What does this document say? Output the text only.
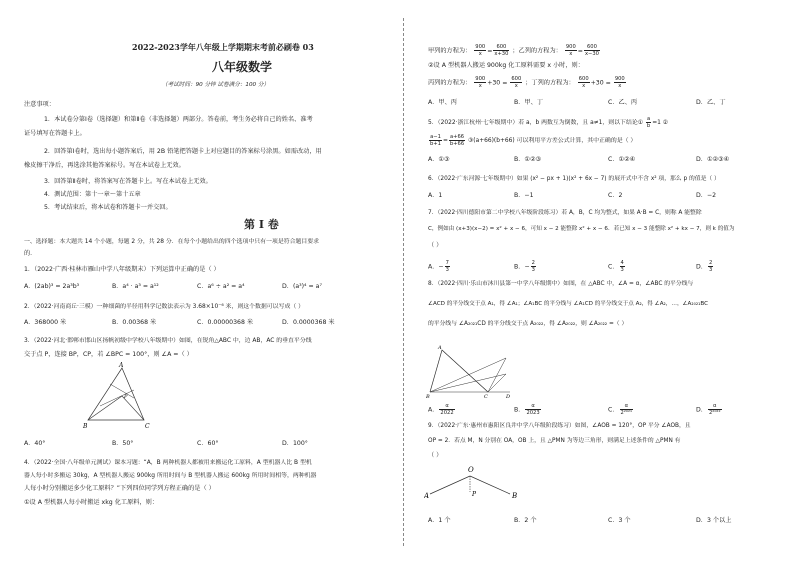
2022-2023学年八年级上学期期末考前必刷卷 03
八年级数学
（考试时间：90 分钟 试卷满分：100 分）
注意事项：
1．本试卷分第Ⅰ卷（选择题）和第Ⅱ卷（非选择题）两部分。答卷前，考生务必将自己的姓名、准考
证号填写在答题卡上。
2．回答第Ⅰ卷时，选出每小题答案后，用 2B 铅笔把答题卡上对应题目的答案标号涂黑。如需改动，用
橡皮擦干净后，再选涂其他答案标号。写在本试卷上无效。
3．回答第Ⅱ卷时，将答案写在答题卡上。写在本试卷上无效。
4．测试范围：第十一章～第十五章
5．考试结束后，将本试卷和答题卡一并交回。
第 Ⅰ 卷
一、选择题：本大题共 14 个小题，每题 2 分，共 28 分．在每个小题给出的四个选项中只有一项是符合题目要求
的．
1．（2022·广西·桂林市雁山中学八年级期末）下列运算中正确的是（ ）
A．(2ab)³ = 2a³b³	B．a⁴ · a³ = a¹²	C．a⁶ ÷ a² = a⁴	D．(a³)⁴ = a⁷
2．（2022·河南商丘·三模）一种细菌的半径用科学记数法表示为 3.68×10⁻⁶ 米，则这个数据可以写成（ ）
A．368000 米	B．0.00368 米	C．0.00000368 米	D．0.0000368 米
3．（2022·河北·邯郸市邯山区扬帆初级中学校八年级期中）如图，在锐角△ABC 中，边 AB，AC 的垂直平分线
交于点 P，连接 BP，CP，若 ∠BPC = 100°，则 ∠A =（ ）
A
P
B	C
A．40°	B．50°	C．60°	D．100°
4．（2022·全国·八年级单元测试）课本习题：“A，B 两种机器人都被用来搬运化工原料，A 型机器人比 B 型机
器人每小时多搬运 30kg，A 型机器人搬运 900kg 所用时间与 B 型机器人搬运 600kg 所用时间相等，两种机器
人每小时分别搬运多少化工原料？”下列四位同学列方程正确的是（ ）
①设 A 型机器人每小时搬运 xkg 化工原料，则：
甲列的方程为： $\frac{900}{x} = \frac{600}{x+30}$ ；乙列的方程为： $\frac{900}{x} = \frac{600}{x-30}$
②设 A 型机器人搬运 900kg 化工原料需要 x 小时，则：
丙列的方程为： $\frac{900}{x} +30 = \frac{600}{x}$ ；丁列的方程为： $\frac{600}{x} +30 = \frac{900}{x}$
A．甲、丙	B．甲、丁	C．乙、丙	D．乙、丁
5．（2022·浙江杭州·七年级期中）若 a，b 两数互为倒数，且 a≠1，则以下结论① $\frac{a}{b} =1$ ②
$\frac{a-1}{b+1} = \frac{a+66}{b+66}$ ③(a+66)(b+66) 可以利用平方差公式计算，其中正确的是（ ）
A．①③	B．①②③	C．①②④	D．①②③④
6．（2022·广东河源·七年级期中）如果 (x² − px + 1)(x² + 6x − 7) 的展开式中不含 x² 项，那么 p 的值是（ ）
A．1	B．−1	C．2	D．−2
7．（2022·四川德阳市第二中学校八年级阶段练习）若 A，B，C 均为整式，如果 A·B = C，则称 A 能整除
C，例如由 (x+3)(x−2) = x² + x − 6，可知 x − 2 能整除 x² + x − 6．若已知 x − 3 能整除 x² + kx − 7，则 k 的值为
（ ）
A．− $\frac{7}{3}$	B．− $\frac{2}{3}$	C． $\frac{4}{3}$	D． $\frac{2}{3}$
8．（2022·四川·乐山市沐川县第一中学八年级期中）如图，在 △ABC 中，∠A = α，∠ABC 的平分线与
∠ACD 的平分线交于点 A₁，得 ∠A₁；∠A₁BC 的平分线与 ∠A₁CD 的平分线交于点 A₂，得 ∠A₂，…，∠A₂₀₂₁BC
的平分线与 ∠A₂₀₂₁CD 的平分线交于点 A₂₀₂₂，得 ∠A₂₀₂₂，则 ∠A₂₀₂₂ =（ ）
A
B	C	D
A． $\frac{\alpha}{2022}$	B． $\frac{\alpha}{2023}$	C． $\frac{\alpha}{\text{2²⁰²¹}}$	D． $\frac{\alpha}{\text{2²⁰²²}}$
9．（2022·广东·惠州市惠阳区良井中学八年级阶段练习）如图，∠AOB = 120°，OP 平分 ∠AOB，且
OP = 2．若点 M，N 分别在 OA，OB 上，且 △PMN 为等边三角形，则满足上述条件的 △PMN 有
（ ）
O
A	B
P
A．1 个	B．2 个	C．3 个	D．3 个以上
